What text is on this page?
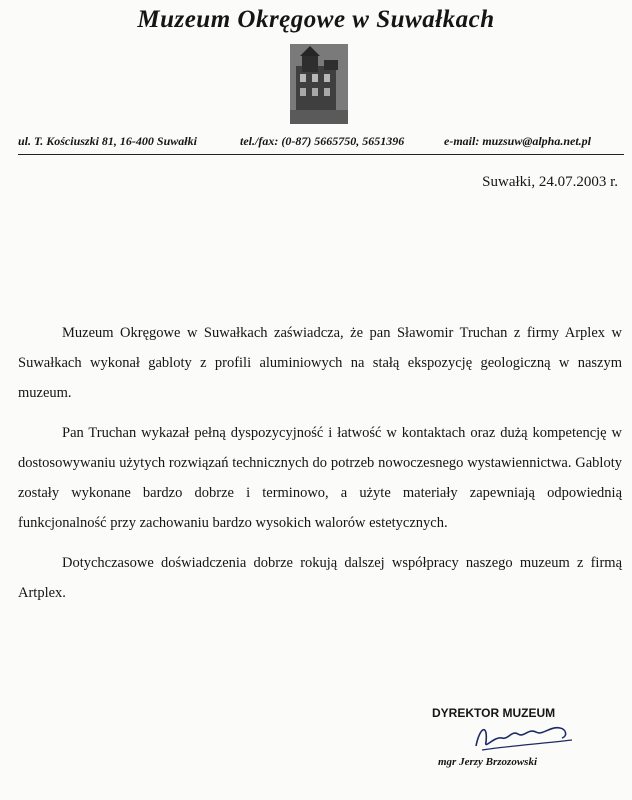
Muzeum Okręgowe w Suwałkach
ul. T. Kościuszki 81, 16-400 Suwałki	tel./fax: (0-87) 5665750, 5651396	e-mail: muzsuw@alpha.net.pl
Suwałki, 24.07.2003 r.

Muzeum Okręgowe w Suwałkach zaświadcza, że pan Sławomir Truchan z firmy Arplex w Suwałkach wykonał gabloty z profili aluminiowych na stałą ekspozycję geologiczną w naszym muzeum.

Pan Truchan wykazał pełną dyspozycyjność i łatwość w kontaktach oraz dużą kompetencję w dostosowywaniu użytych rozwiązań technicznych do potrzeb nowoczesnego wystawiennictwa. Gabloty zostały wykonane bardzo dobrze i terminowo, a użyte materiały zapewniają odpowiednią funkcjonalność przy zachowaniu bardzo wysokich walorów estetycznych.

Dotychczasowe doświadczenia dobrze rokują dalszej współpracy naszego muzeum z firmą Artplex.

DYREKTOR MUZEUM
mgr Jerzy Brzozowski
